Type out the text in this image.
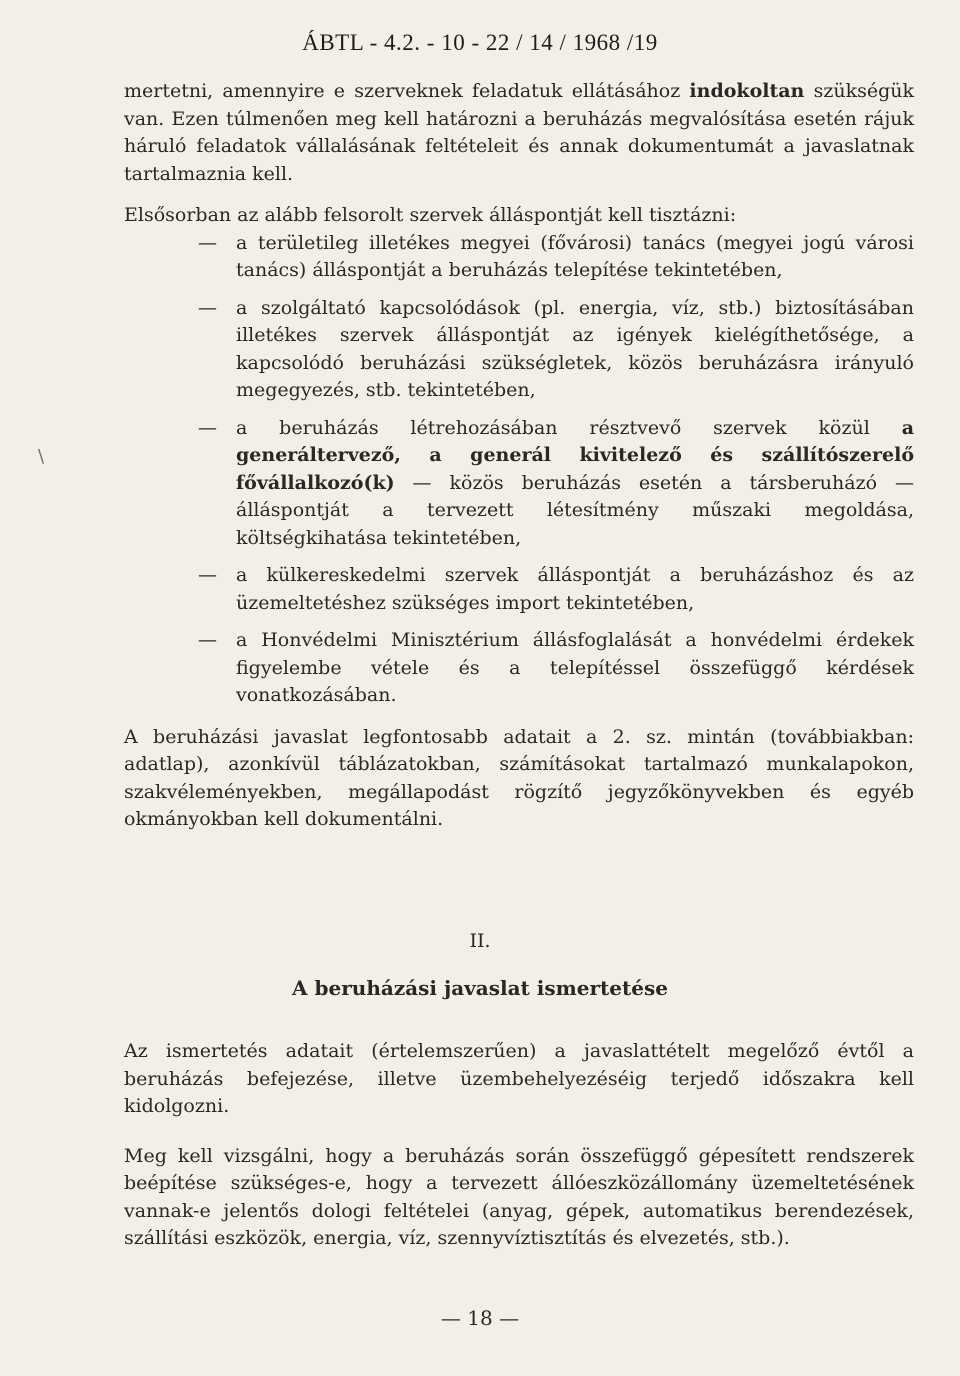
ÁBTL - 4.2. - 10 - 22 / 14 / 1968 /19

mertetni, amennyire e szerveknek feladatuk ellátásához indokoltan szükségük van. Ezen túlmenően meg kell határozni a beruházás megvalósítása esetén rájuk háruló feladatok vállalásának feltételeit és annak dokumentumát a javaslatnak tartalmaznia kell.

Elsősorban az alább felsorolt szervek álláspontját kell tisztázni:

— a területileg illetékes megyei (fővárosi) tanács (megyei jogú városi tanács) álláspontját a beruházás telepítése tekintetében,

— a szolgáltató kapcsolódások (pl. energia, víz, stb.) biztosításában illetékes szervek álláspontját az igények kielégíthetősége, a kapcsolódó beruházási szükségletek, közös beruházásra irányuló megegyezés, stb. tekintetében,

— a beruházás létrehozásában résztvevő szervek közül a generáltervező, a generál kivitelező és szállítószerelő fővállalkozó(k) — közös beruházás esetén a társberuházó — álláspontját a tervezett létesítmény műszaki megoldása, költségkihatása tekintetében,

— a külkereskedelmi szervek álláspontját a beruházáshoz és az üzemeltetéshez szükséges import tekintetében,

— a Honvédelmi Minisztérium állásfoglalását a honvédelmi érdekek figyelembe vétele és a telepítéssel összefüggő kérdések vonatkozásában.

A beruházási javaslat legfontosabb adatait a 2. sz. mintán (továbbiakban: adatlap), azonkívül táblázatokban, számításokat tartalmazó munkalapokon, szakvéleményekben, megállapodást rögzítő jegyzőkönyvekben és egyéb okmányokban kell dokumentálni.

II.
A beruházási javaslat ismertetése

Az ismertetés adatait (értelemszerűen) a javaslattételt megelőző évtől a beruházás befejezése, illetve üzembehelyezéséig terjedő időszakra kell kidolgozni.

Meg kell vizsgálni, hogy a beruházás során összefüggő gépesített rendszerek beépítése szükséges-e, hogy a tervezett állóeszközállomány üzemeltetésének vannak-e jelentős dologi feltételei (anyag, gépek, automatikus berendezések, szállítási eszközök, energia, víz, szennyvíztisztítás és elvezetés, stb.).

— 18 —
\
